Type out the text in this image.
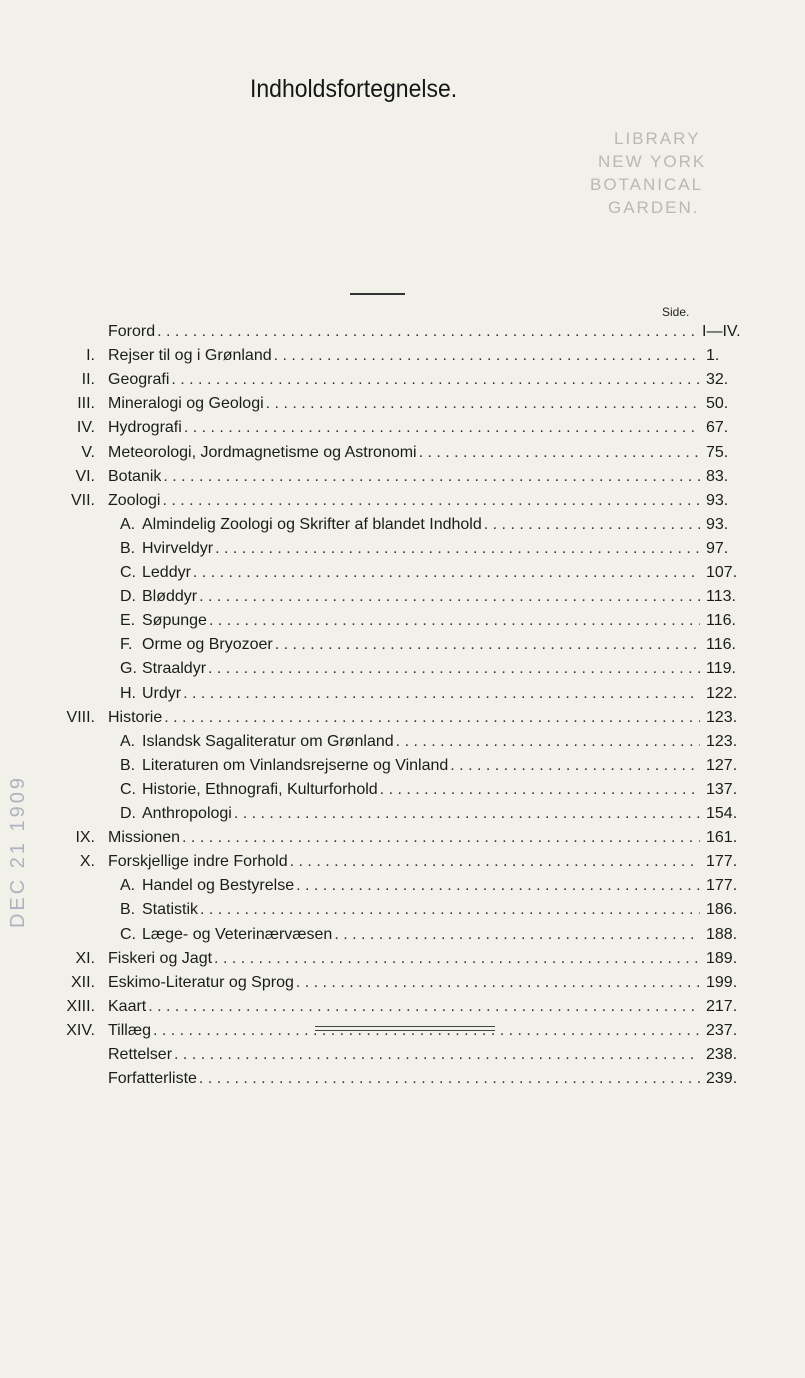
LIBRARY
NEW YORK
BOTANICAL
GARDEN.
Indholdsfortegnelse.
Side.
Forord . . .	I—IV.
I. Rejser til og i Grønland . . .	1.
II. Geografi . . .	32.
III. Mineralogi og Geologi . . .	50.
IV. Hydrografi . . .	67.
V. Meteorologi, Jordmagnetisme og Astronomi . . .	75.
VI. Botanik . . .	83.
VII. Zoologi . . .	93.
A. Almindelig Zoologi og Skrifter af blandet Indhold . . .	93.
B. Hvirveldyr . . .	97.
C. Leddyr . . .	107.
D. Bløddyr . . .	113.
E. Søpunge . . .	116.
F. Orme og Bryozoer . . .	116.
G. Straaldyr . . .	119.
H. Urdyr . . .	122.
VIII. Historie . . .	123.
A. Islandsk Sagaliteratur om Grønland . . .	123.
B. Literaturen om Vinlandsrejserne og Vinland . . .	127.
C. Historie, Ethnografi, Kulturforhold . . .	137.
D. Anthropologi . . .	154.
IX. Missionen . . .	161.
X. Forskjellige indre Forhold . . .	177.
A. Handel og Bestyrelse . . .	177.
B. Statistik . . .	186.
C. Læge- og Veterinærvæsen . . .	188.
XI. Fiskeri og Jagt . . .	189.
XII. Eskimo-Literatur og Sprog . . .	199.
XIII. Kaart . . .	217.
XIV. Tillæg . . .	237.
Rettelser . . .	238.
Forfatterliste . . .	239.
DEC 21 1909
